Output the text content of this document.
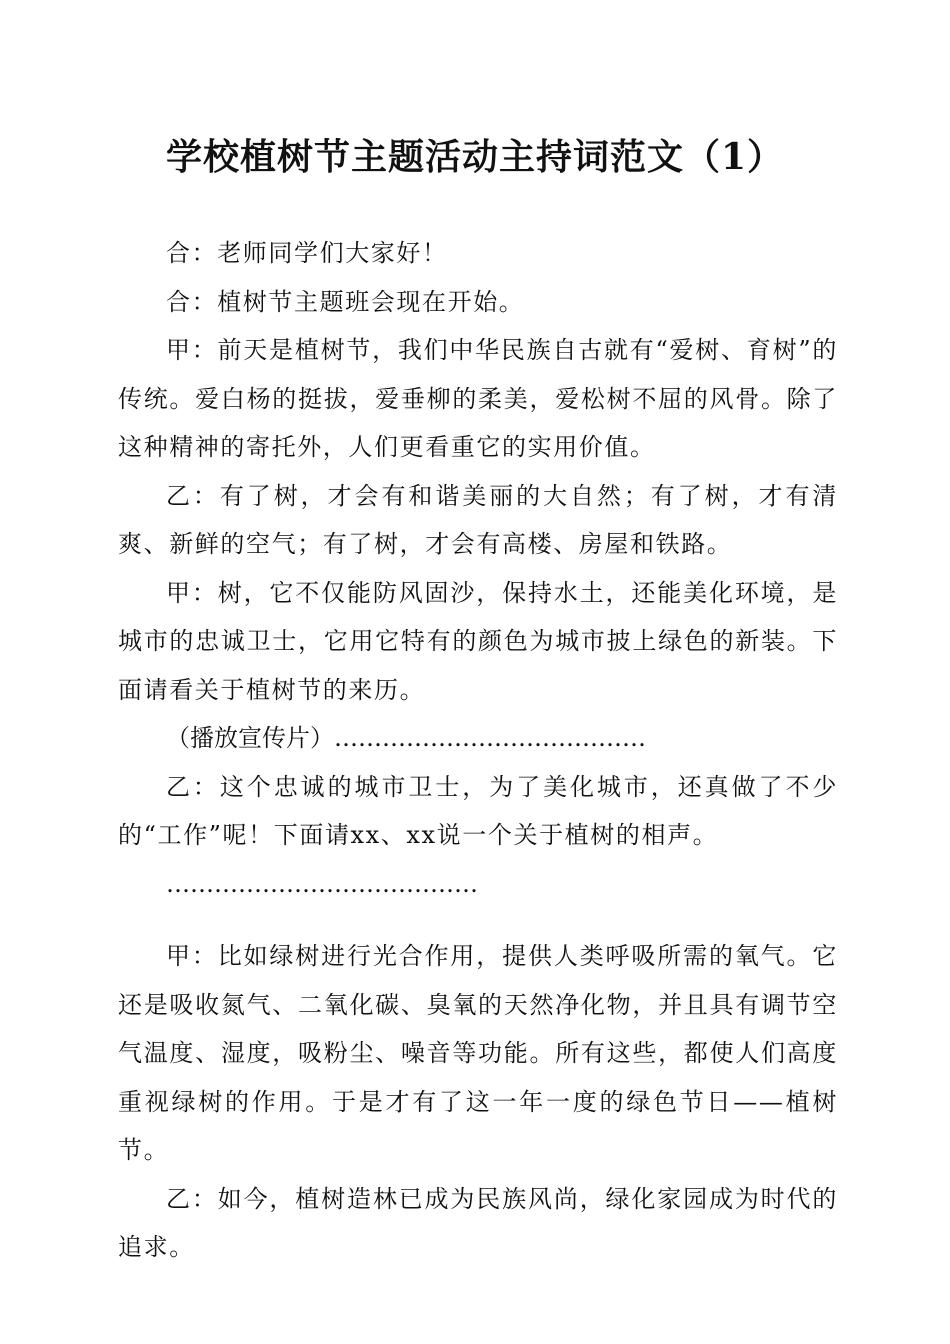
学校植树节主题活动主持词范文（1）

合：老师同学们大家好！

合：植树节主题班会现在开始。

甲：前天是植树节，我们中华民族自古就有“爱树、育树”的传统。爱白杨的挺拔，爱垂柳的柔美，爱松树不屈的风骨。除了这种精神的寄托外，人们更看重它的实用价值。

乙：有了树，才会有和谐美丽的大自然；有了树，才有清爽、新鲜的空气；有了树，才会有高楼、房屋和铁路。

甲：树，它不仅能防风固沙，保持水土，还能美化环境，是城市的忠诚卫士，它用它特有的颜色为城市披上绿色的新装。下面请看关于植树节的来历。

（播放宣传片）…………………………………

乙：这个忠诚的城市卫士，为了美化城市，还真做了不少的“工作”呢！下面请xx、xx说一个关于植树的相声。

…………………………………

甲：比如绿树进行光合作用，提供人类呼吸所需的氧气。它还是吸收氮气、二氧化碳、臭氧的天然净化物，并且具有调节空气温度、湿度，吸粉尘、噪音等功能。所有这些，都使人们高度重视绿树的作用。于是才有了这一年一度的绿色节日——植树节。

乙：如今，植树造林已成为民族风尚，绿化家园成为时代的追求。
